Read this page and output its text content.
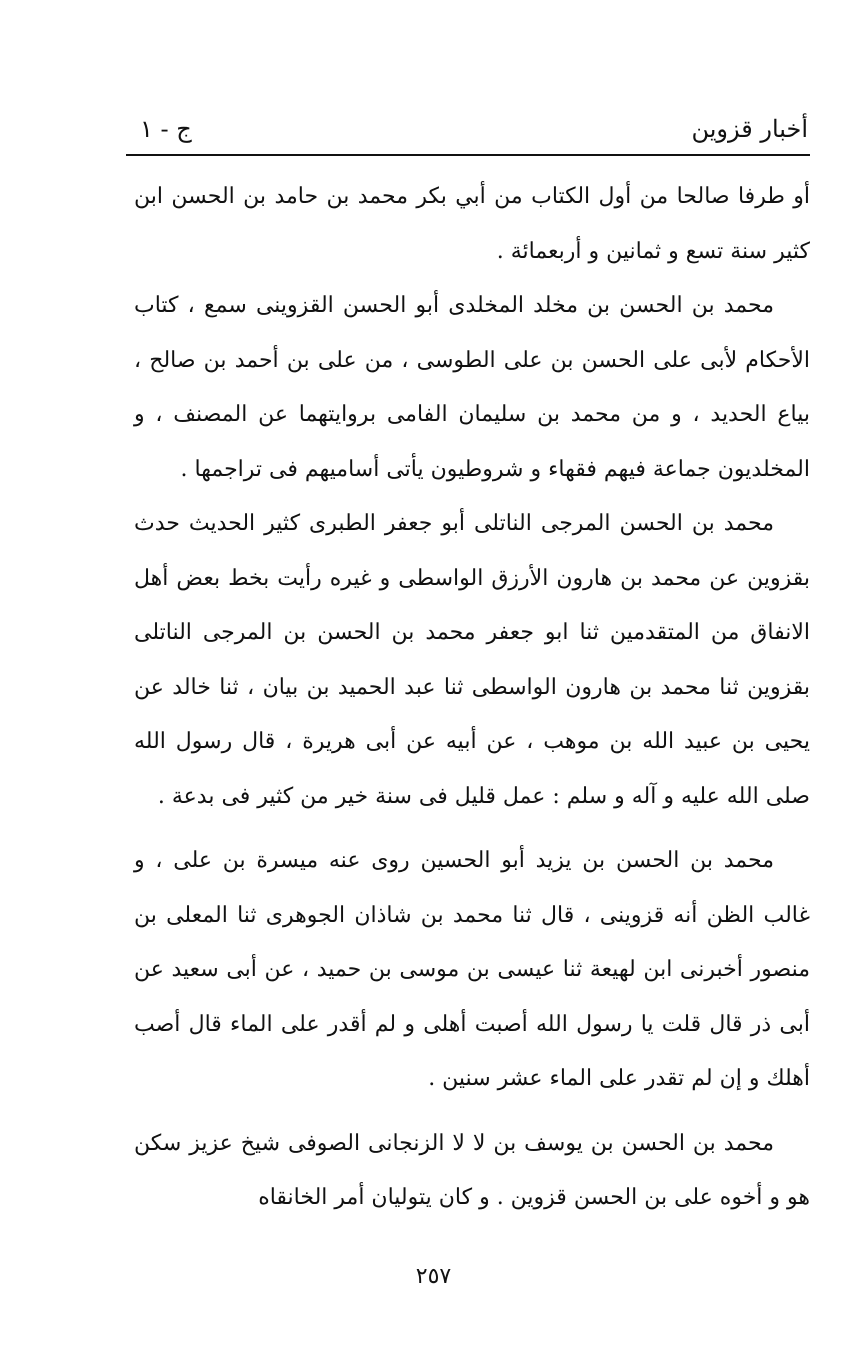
أخبار قزوين
ج - ١

أو طرفا صالحا من أول الكتاب من أبي بكر محمد بن حامد بن الحسن ابن كثير سنة تسع و ثمانين و أربعمائة .

محمد بن الحسن بن مخلد المخلدى أبو الحسن القزوينى سمع ، كتاب الأحكام لأبى على الحسن بن على الطوسى ، من على بن أحمد بن صالح ، بياع الحديد ، و من محمد بن سليمان الفامى بروايتهما عن المصنف ، و المخلديون جماعة فيهم فقهاء و شروطيون يأتى أساميهم فى تراجمها .

محمد بن الحسن المرجى الناتلى أبو جعفر الطبرى كثير الحديث حدث بقزوين عن محمد بن هارون الأرزق الواسطى و غيره رأيت بخط بعض أهل الانفاق من المتقدمين ثنا ابو جعفر محمد بن الحسن بن المرجى الناتلى بقزوين ثنا محمد بن هارون الواسطى ثنا عبد الحميد بن بيان ، ثنا خالد عن يحيى بن عبيد الله بن موهب ، عن أبيه عن أبى هريرة ، قال رسول الله صلى الله عليه و آله و سلم : عمل قليل فى سنة خير من كثير فى بدعة .

محمد بن الحسن بن يزيد أبو الحسين روى عنه ميسرة بن على ، و غالب الظن أنه قزوينى ، قال ثنا محمد بن شاذان الجوهرى ثنا المعلى بن منصور أخبرنى ابن لهيعة ثنا عيسى بن موسى بن حميد ، عن أبى سعيد عن أبى ذر قال قلت يا رسول الله أصبت أهلى و لم أقدر على الماء قال أصب أهلك و إن لم تقدر على الماء عشر سنين .

محمد بن الحسن بن يوسف بن لا لا الزنجانى الصوفى شيخ عزيز سكن هو و أخوه على بن الحسن قزوين . و كان يتوليان أمر الخانقاه

٢٥٧
